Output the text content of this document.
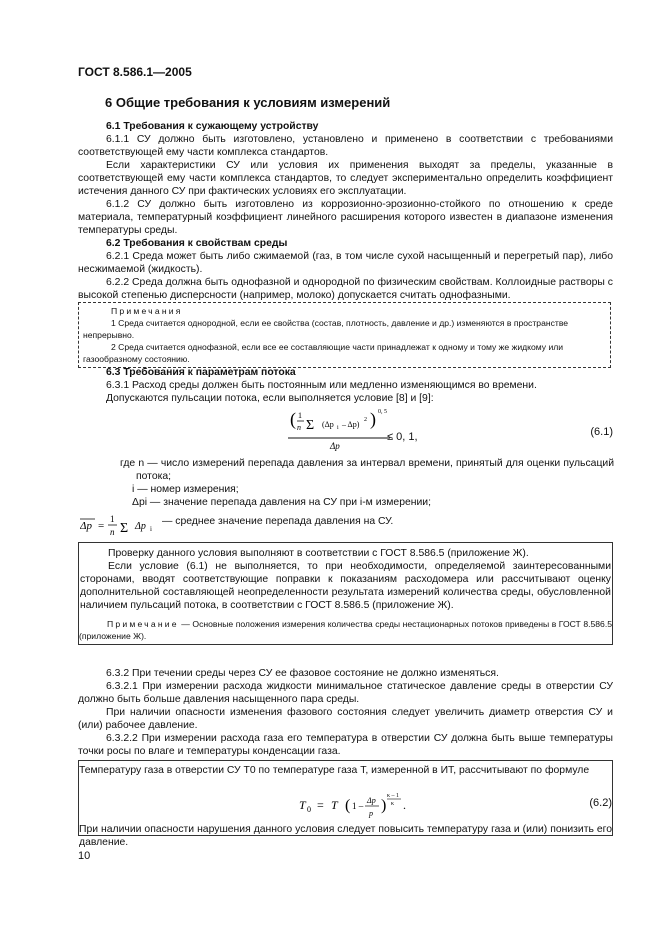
ГОСТ 8.586.1—2005
6 Общие требования к условиям измерений

6.1 Требования к сужающему устройству

6.1.1 СУ должно быть изготовлено, установлено и применено в соответствии с требованиями соответствующей ему части комплекса стандартов.

Если характеристики СУ или условия их применения выходят за пределы, указанные в соответствующей ему части комплекса стандартов, то следует экспериментально определить коэффициент истечения данного СУ при фактических условиях его эксплуатации.

6.1.2 СУ должно быть изготовлено из коррозионно-эрозионно-стойкого по отношению к среде материала, температурный коэффициент линейного расширения которого известен в диапазоне изменения температуры среды.

6.2 Требования к свойствам среды

6.2.1 Среда может быть либо сжимаемой (газ, в том числе сухой насыщенный и перегретый пар), либо несжимаемой (жидкость).

6.2.2 Среда должна быть однофазной и однородной по физическим свойствам. Коллоидные растворы с высокой степенью дисперсности (например, молоко) допускается считать однофазными.

Примечания

1 Среда считается однородной, если ее свойства (состав, плотность, давление и др.) изменяются в пространстве непрерывно.

2 Среда считается однофазной, если все ее составляющие части принадлежат к одному и тому же жидкому или газообразному состоянию.

6.3 Требования к параметрам потока

6.3.1 Расход среды должен быть постоянным или медленно изменяющимся во времени.

Допускаются пульсации потока, если выполняется условие [8] и [9]:

( 1
n Σ (Δp i – Δp) 2 ) 0, 5
Δp
≤ 0, 1,	(6.1)

где n — число измерений перепада давления за интервал времени, принятый для оценки пульсаций потока;

i — номер измерения;

Δpi — значение перепада давления на СУ при i-м измерении;

Δp =
1
n Σ Δp i
— среднее значение перепада давления на СУ.

Проверку данного условия выполняют в соответствии с ГОСТ 8.586.5 (приложение Ж).

Если условие (6.1) не выполняется, то при необходимости, определяемой заинтересованными сторонами, вводят соответствующие поправки к показаниям расходомера или рассчитывают оценку дополнительной составляющей неопределенности результата измерений количества среды, обусловленной наличием пульсаций потока, в соответствии с ГОСТ 8.586.5 (приложение Ж).

Примечание — Основные положения измерения количества среды нестационарных потоков приведены в ГОСТ 8.586.5 (приложение Ж).

6.3.2 При течении среды через СУ ее фазовое состояние не должно изменяться.

6.3.2.1 При измерении расхода жидкости минимальное статическое давление среды в отверстии СУ должно быть больше давления насыщенного пара среды.

При наличии опасности изменения фазового состояния следует увеличить диаметр отверстия СУ и (или) рабочее давление.

6.3.2.2 При измерении расхода газа его температура в отверстии СУ должна быть выше температуры точки росы по влаге и температуры конденсации газа.

Температуру газа в отверстии СУ T0 по температуре газа T, измеренной в ИТ, рассчитывают по формуле
T 0 = T ( 1 –
Δp
p )
κ – 1
κ .	(6.2)
При наличии опасности нарушения данного условия следует повысить температуру газа и (или) понизить его давление.
10
